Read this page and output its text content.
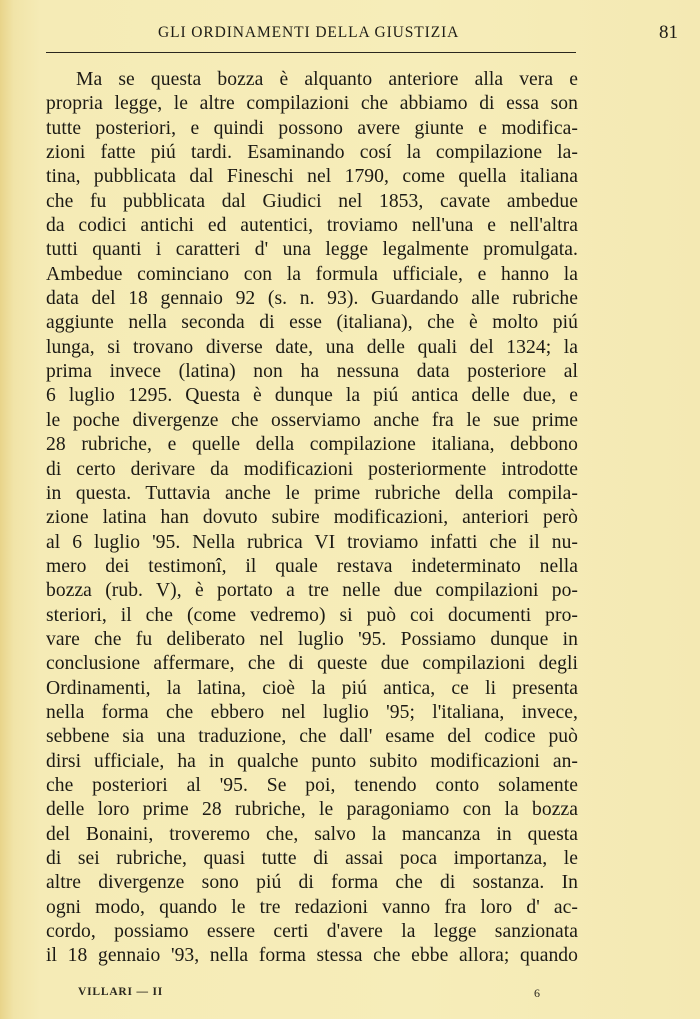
GLI ORDINAMENTI DELLA GIUSTIZIA	81
Ma se questa bozza è alquanto anteriore alla vera e
propria legge, le altre compilazioni che abbiamo di essa son
tutte posteriori, e quindi possono avere giunte e modifica-
zioni fatte piú tardi. Esaminando cosí la compilazione la-
tina, pubblicata dal Fineschi nel 1790, come quella italiana
che fu pubblicata dal Giudici nel 1853, cavate ambedue
da codici antichi ed autentici, troviamo nell'una e nell'altra
tutti quanti i caratteri d' una legge legalmente promulgata.
Ambedue cominciano con la formula ufficiale, e hanno la
data del 18 gennaio 92 (s. n. 93). Guardando alle rubriche
aggiunte nella seconda di esse (italiana), che è molto piú
lunga, si trovano diverse date, una delle quali del 1324; la
prima invece (latina) non ha nessuna data posteriore al
6 luglio 1295. Questa è dunque la piú antica delle due, e
le poche divergenze che osserviamo anche fra le sue prime
28 rubriche, e quelle della compilazione italiana, debbono
di certo derivare da modificazioni posteriormente introdotte
in questa. Tuttavia anche le prime rubriche della compila-
zione latina han dovuto subire modificazioni, anteriori però
al 6 luglio '95. Nella rubrica VI troviamo infatti che il nu-
mero dei testimonî, il quale restava indeterminato nella
bozza (rub. V), è portato a tre nelle due compilazioni po-
steriori, il che (come vedremo) si può coi documenti pro-
vare che fu deliberato nel luglio '95. Possiamo dunque in
conclusione affermare, che di queste due compilazioni degli
Ordinamenti, la latina, cioè la piú antica, ce li presenta
nella forma che ebbero nel luglio '95; l'italiana, invece,
sebbene sia una traduzione, che dall' esame del codice può
dirsi ufficiale, ha in qualche punto subito modificazioni an-
che posteriori al '95. Se poi, tenendo conto solamente
delle loro prime 28 rubriche, le paragoniamo con la bozza
del Bonaini, troveremo che, salvo la mancanza in questa
di sei rubriche, quasi tutte di assai poca importanza, le
altre divergenze sono piú di forma che di sostanza. In
ogni modo, quando le tre redazioni vanno fra loro d' ac-
cordo, possiamo essere certi d'avere la legge sanzionata
il 18 gennaio '93, nella forma stessa che ebbe allora; quando
VILLARI — II	6
